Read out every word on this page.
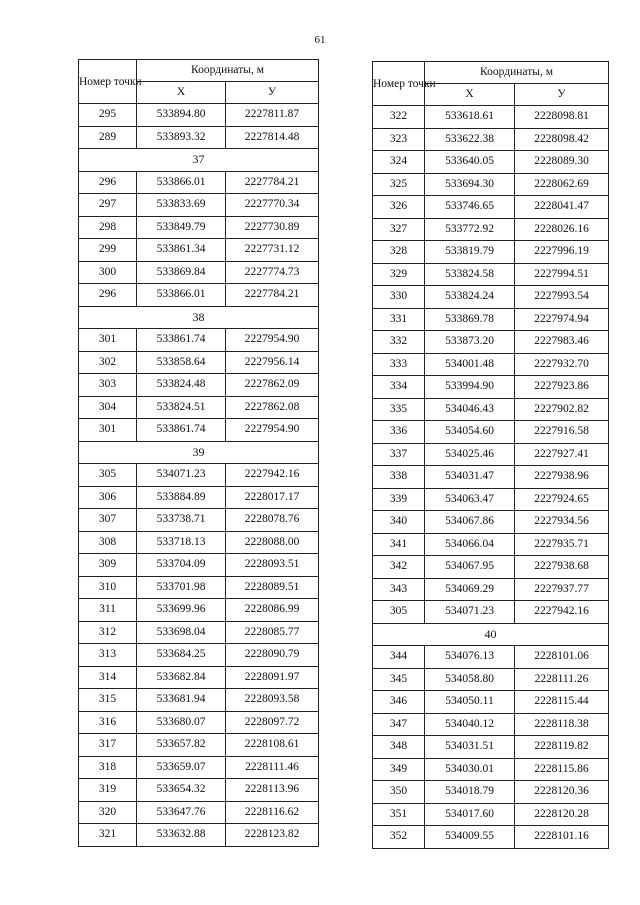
61
Номер точки	Координаты, м	
	Х	У
295	533894.80	2227811.87
289	533893.32	2227814.48
37		
296	533866.01	2227784.21
297	533833.69	2227770.34
298	533849.79	2227730.89
299	533861.34	2227731.12
300	533869.84	2227774.73
296	533866.01	2227784.21
38		
301	533861.74	2227954.90
302	533858.64	2227956.14
303	533824.48	2227862.09
304	533824.51	2227862.08
301	533861.74	2227954.90
39		
305	534071.23	2227942.16
306	533884.89	2228017.17
307	533738.71	2228078.76
308	533718.13	2228088.00
309	533704.09	2228093.51
310	533701.98	2228089.51
311	533699.96	2228086.99
312	533698.04	2228085.77
313	533684.25	2228090.79
314	533682.84	2228091.97
315	533681.94	2228093.58
316	533680.07	2228097.72
317	533657.82	2228108.61
318	533659.07	2228111.46
319	533654.32	2228113.96
320	533647.76	2228116.62
321	533632.88	2228123.82
Номер точки	Координаты, м	
	Х	У
322	533618.61	2228098.81
323	533622.38	2228098.42
324	533640.05	2228089.30
325	533694.30	2228062.69
326	533746.65	2228041.47
327	533772.92	2228026.16
328	533819.79	2227996.19
329	533824.58	2227994.51
330	533824.24	2227993.54
331	533869.78	2227974.94
332	533873.20	2227983.46
333	534001.48	2227932.70
334	533994.90	2227923.86
335	534046.43	2227902.82
336	534054.60	2227916.58
337	534025.46	2227927.41
338	534031.47	2227938.96
339	534063.47	2227924.65
340	534067.86	2227934.56
341	534066.04	2227935.71
342	534067.95	2227938.68
343	534069.29	2227937.77
305	534071.23	2227942.16
40		
344	534076.13	2228101.06
345	534058.80	2228111.26
346	534050.11	2228115.44
347	534040.12	2228118.38
348	534031.51	2228119.82
349	534030.01	2228115.86
350	534018.79	2228120.36
351	534017.60	2228120.28
352	534009.55	2228101.16
